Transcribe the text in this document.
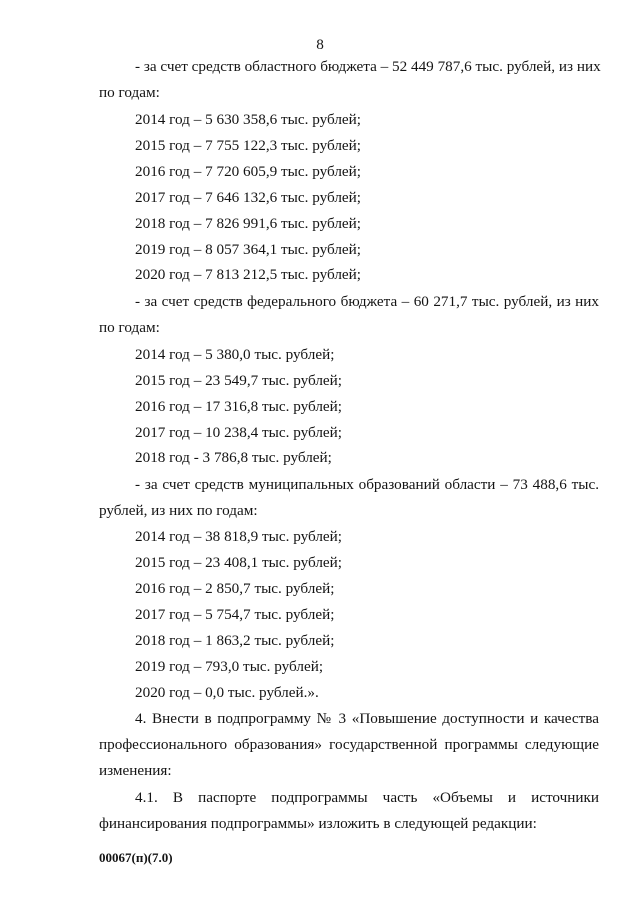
8
- за счет средств областного бюджета – 52 449 787,6 тыс. рублей, из них
по годам:
2014 год – 5 630 358,6 тыс. рублей;
2015 год – 7 755 122,3 тыс. рублей;
2016 год – 7 720 605,9 тыс. рублей;
2017 год – 7 646 132,6 тыс. рублей;
2018 год – 7 826 991,6 тыс. рублей;
2019 год – 8 057 364,1 тыс. рублей;
2020 год – 7 813 212,5 тыс. рублей;
- за счет средств федерального бюджета – 60 271,7 тыс. рублей, из них
по годам:
2014 год – 5 380,0 тыс. рублей;
2015 год – 23 549,7 тыс. рублей;
2016 год – 17 316,8 тыс. рублей;
2017 год – 10 238,4 тыс. рублей;
2018 год - 3 786,8 тыс. рублей;
- за счет средств муниципальных образований области – 73 488,6 тыс.
рублей, из них по годам:
2014 год – 38 818,9 тыс. рублей;
2015 год – 23 408,1 тыс. рублей;
2016 год – 2 850,7 тыс. рублей;
2017 год – 5 754,7 тыс. рублей;
2018 год – 1 863,2 тыс. рублей;
2019 год – 793,0 тыс. рублей;
2020 год – 0,0 тыс. рублей.».
4. Внести в подпрограмму № 3 «Повышение доступности и качества
профессионального образования» государственной программы следующие
изменения:
4.1. В паспорте подпрограммы часть «Объемы и источники
финансирования подпрограммы» изложить в следующей редакции:
00067(п)(7.0)
